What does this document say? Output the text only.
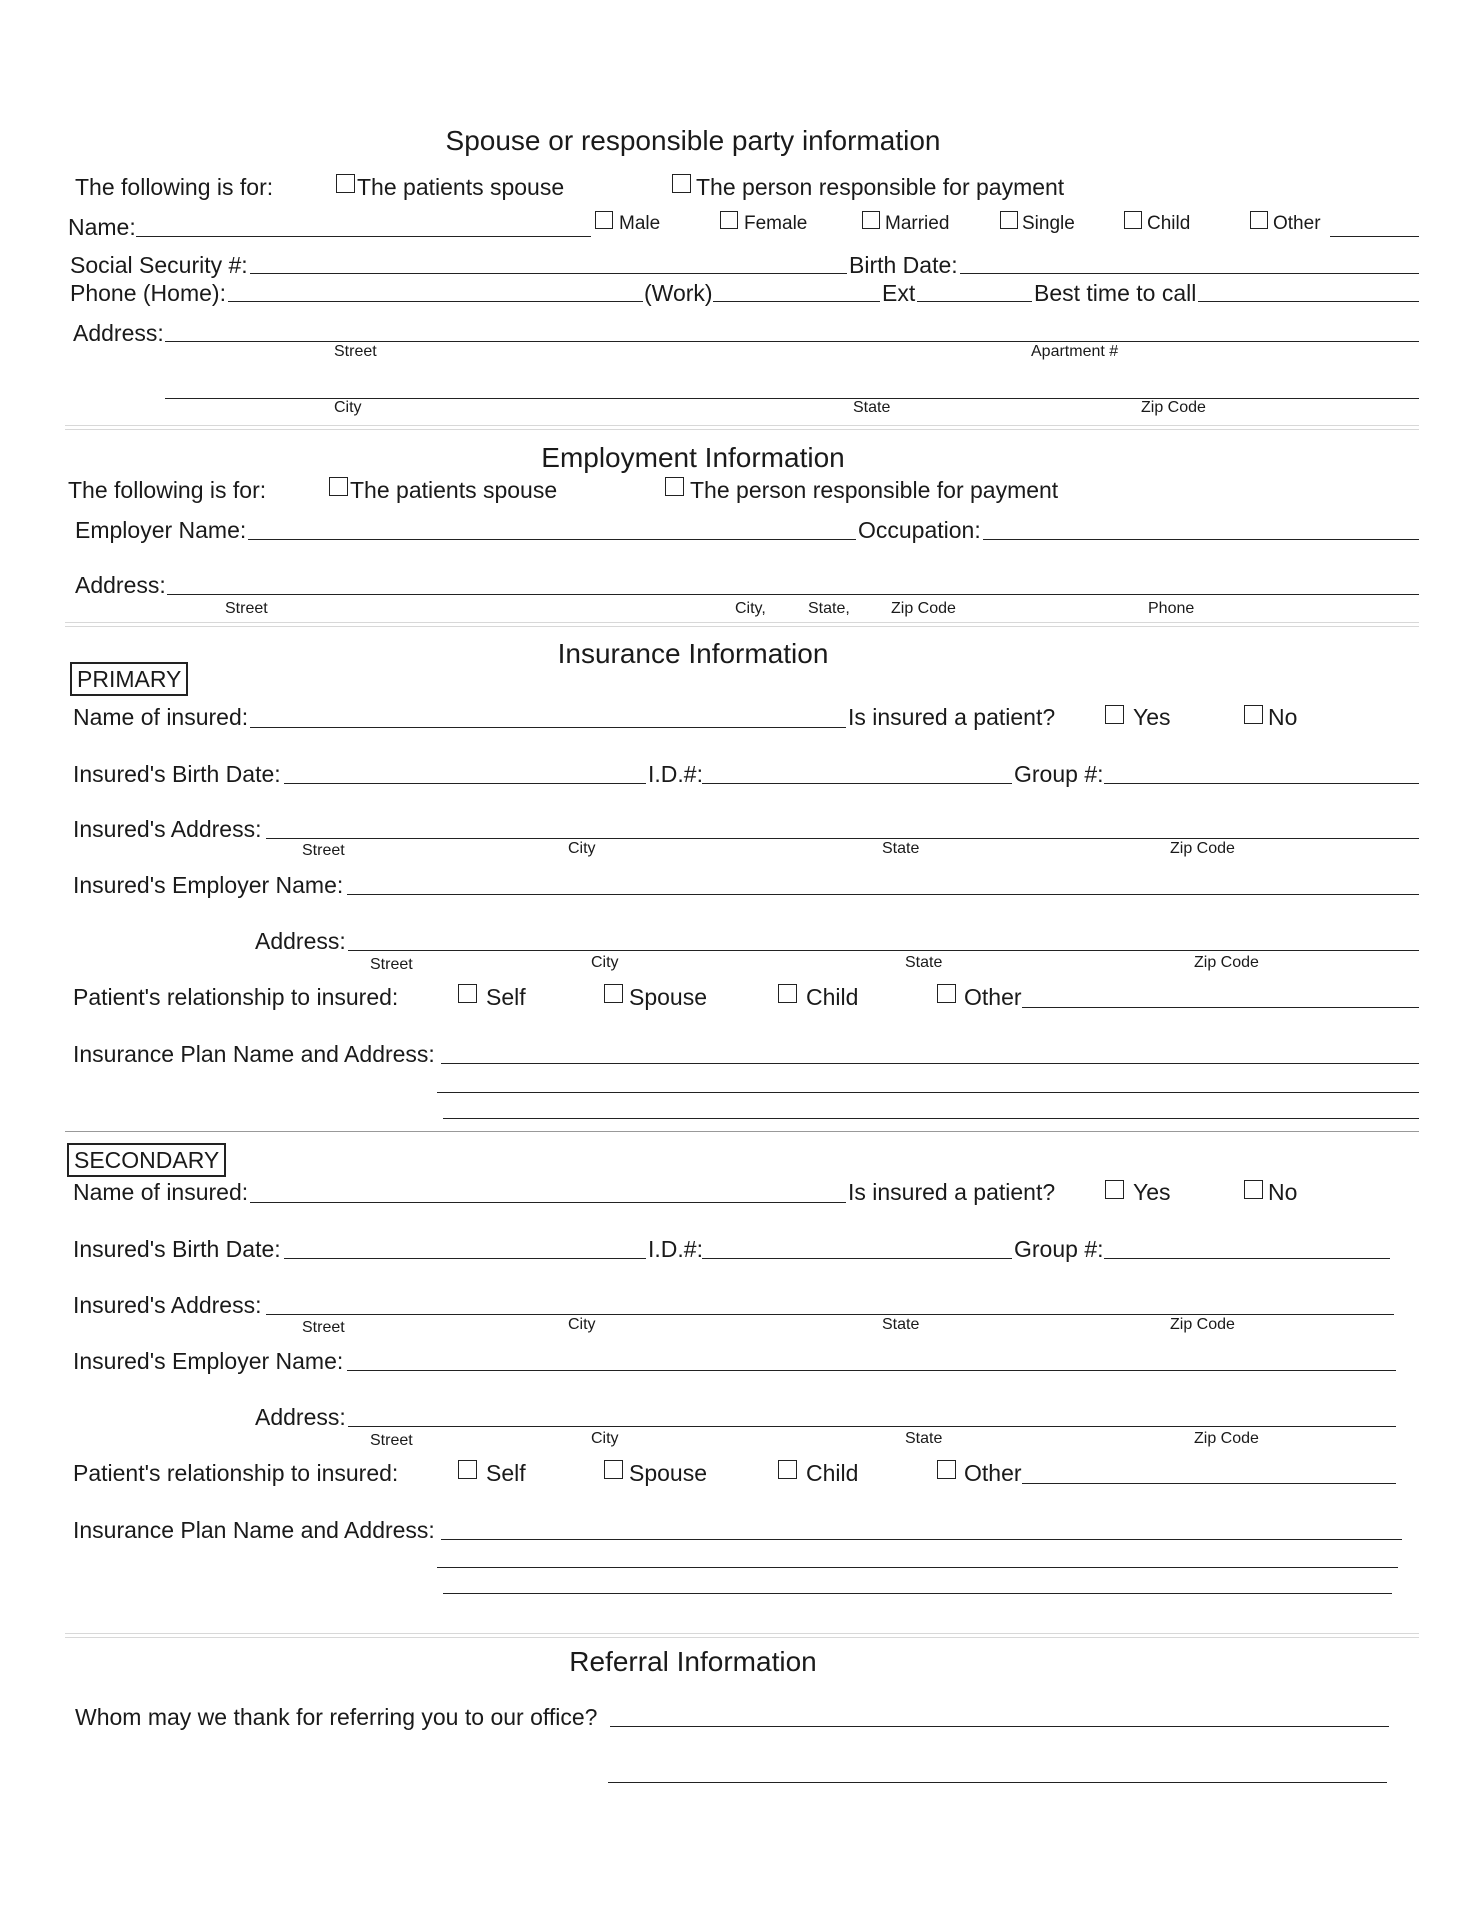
Spouse or responsible party information
The following is for:	The patients spouse	The person responsible for payment
Name:	Male	Female	Married	Single	Child	Other
Social Security #:	Birth Date:
Phone (Home):	(Work)	Ext	Best time to call
Address:
Street	Apartment #
City	State	Zip Code
Employment Information
The following is for:	The patients spouse	The person responsible for payment
Employer Name:	Occupation:
Address:
Street	City,	State,	Zip Code	Phone
Insurance Information
PRIMARY
Name of insured:	Is insured a patient?	Yes	No
Insured's Birth Date:	I.D.#:	Group #:
Insured's Address:
Street	City	State	Zip Code
Insured's Employer Name:
Address:
Street	City	State	Zip Code
Patient's relationship to insured:	Self	Spouse	Child	Other
Insurance Plan Name and Address:
SECONDARY
Name of insured:	Is insured a patient?	Yes	No
Insured's Birth Date:	I.D.#:	Group #:
Insured's Address:
Street	City	State	Zip Code
Insured's Employer Name:
Address:
Street	City	State	Zip Code
Patient's relationship to insured:	Self	Spouse	Child	Other
Insurance Plan Name and Address:
Referral Information
Whom may we thank for referring you to our office?
